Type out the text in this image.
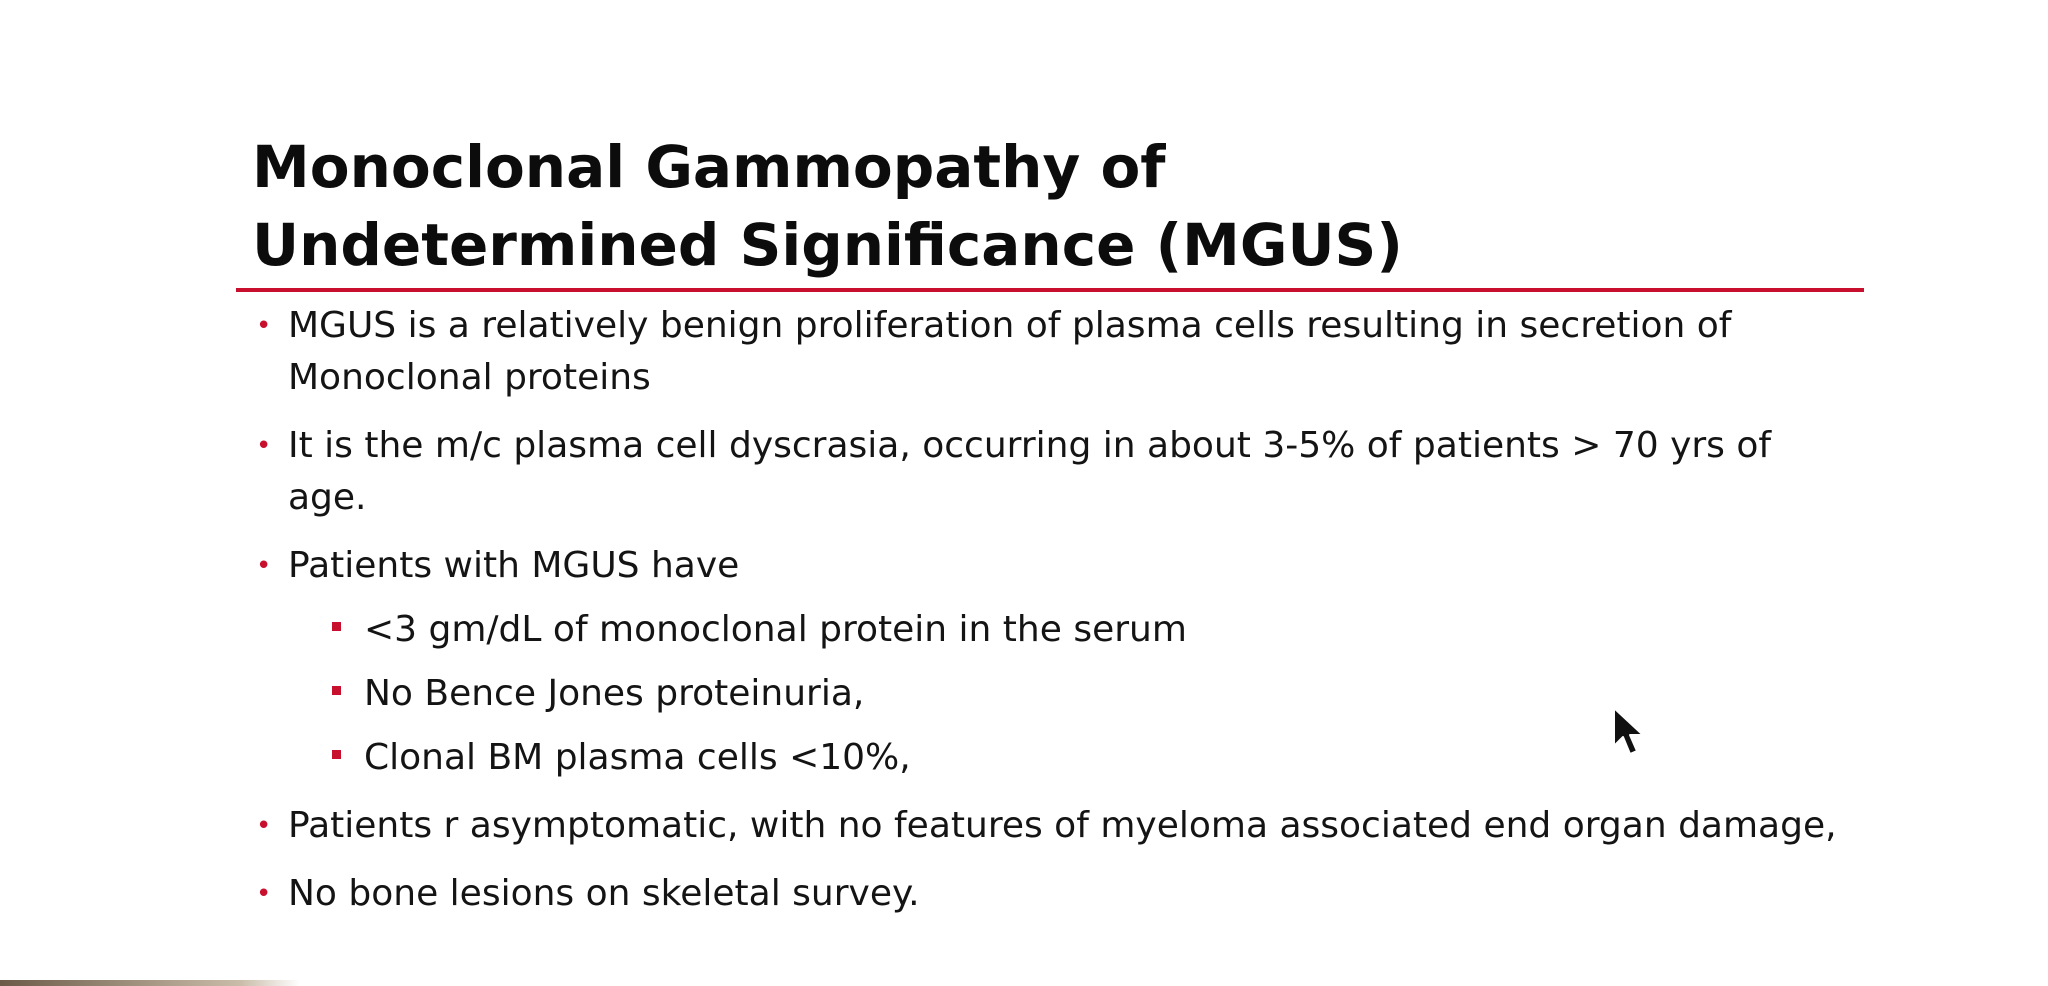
Monoclonal Gammopathy of
Undetermined Significance (MGUS)
• MGUS is a relatively benign proliferation of plasma cells resulting in secretion of
Monoclonal proteins
• It is the m/c plasma cell dyscrasia, occurring in about 3-5% of patients > 70 yrs of
age.
• Patients with MGUS have
<3 gm/dL of monoclonal protein in the serum
No Bence Jones proteinuria,
Clonal BM plasma cells <10%,
• Patients r asymptomatic, with no features of myeloma associated end organ damage,
• No bone lesions on skeletal survey.
